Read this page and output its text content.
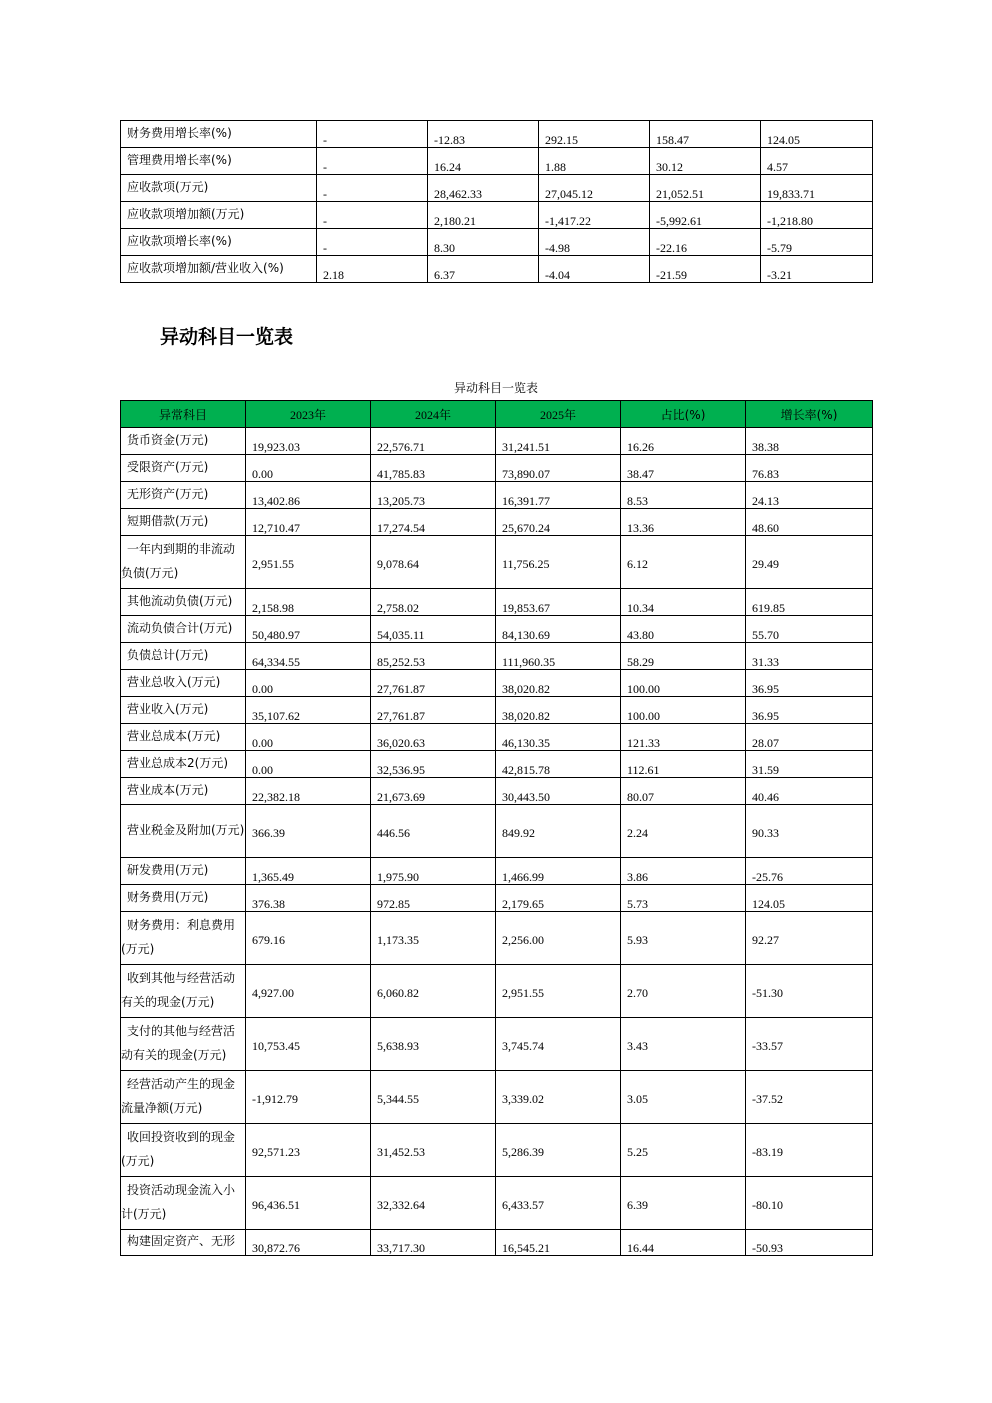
财务费用增长率(%)	-	-12.83	292.15	158.47	124.05
管理费用增长率(%)	-	16.24	1.88	30.12	4.57
应收款项(万元)	-	28,462.33	27,045.12	21,052.51	19,833.71
应收款项增加额(万元)	-	2,180.21	-1,417.22	-5,992.61	-1,218.80
应收款项增长率(%)	-	8.30	-4.98	-22.16	-5.79
应收款项增加额/营业收入(%)	2.18	6.37	-4.04	-21.59	-3.21
异动科目一览表
异动科目一览表
异常科目	2023年	2024年	2025年	占比(%)	增长率(%)
货币资金(万元)	19,923.03	22,576.71	31,241.51	16.26	38.38
受限资产(万元)	0.00	41,785.83	73,890.07	38.47	76.83
无形资产(万元)	13,402.86	13,205.73	16,391.77	8.53	24.13
短期借款(万元)	12,710.47	17,274.54	25,670.24	13.36	48.60
一年内到期的非流动负债(万元)	2,951.55	9,078.64	11,756.25	6.12	29.49
其他流动负债(万元)	2,158.98	2,758.02	19,853.67	10.34	619.85
流动负债合计(万元)	50,480.97	54,035.11	84,130.69	43.80	55.70
负债总计(万元)	64,334.55	85,252.53	111,960.35	58.29	31.33
营业总收入(万元)	0.00	27,761.87	38,020.82	100.00	36.95
营业收入(万元)	35,107.62	27,761.87	38,020.82	100.00	36.95
营业总成本(万元)	0.00	36,020.63	46,130.35	121.33	28.07
营业总成本2(万元)	0.00	32,536.95	42,815.78	112.61	31.59
营业成本(万元)	22,382.18	21,673.69	30,443.50	80.07	40.46
营业税金及附加(万元)	366.39	446.56	849.92	2.24	90.33
研发费用(万元)	1,365.49	1,975.90	1,466.99	3.86	-25.76
财务费用(万元)	376.38	972.85	2,179.65	5.73	124.05
财务费用：利息费用(万元)	679.16	1,173.35	2,256.00	5.93	92.27
收到其他与经营活动有关的现金(万元)	4,927.00	6,060.82	2,951.55	2.70	-51.30
支付的其他与经营活动有关的现金(万元)	10,753.45	5,638.93	3,745.74	3.43	-33.57
经营活动产生的现金流量净额(万元)	-1,912.79	5,344.55	3,339.02	3.05	-37.52
收回投资收到的现金(万元)	92,571.23	31,452.53	5,286.39	5.25	-83.19
投资活动现金流入小计(万元)	96,436.51	32,332.64	6,433.57	6.39	-80.10
构建固定资产、无形	30,872.76	33,717.30	16,545.21	16.44	-50.93
